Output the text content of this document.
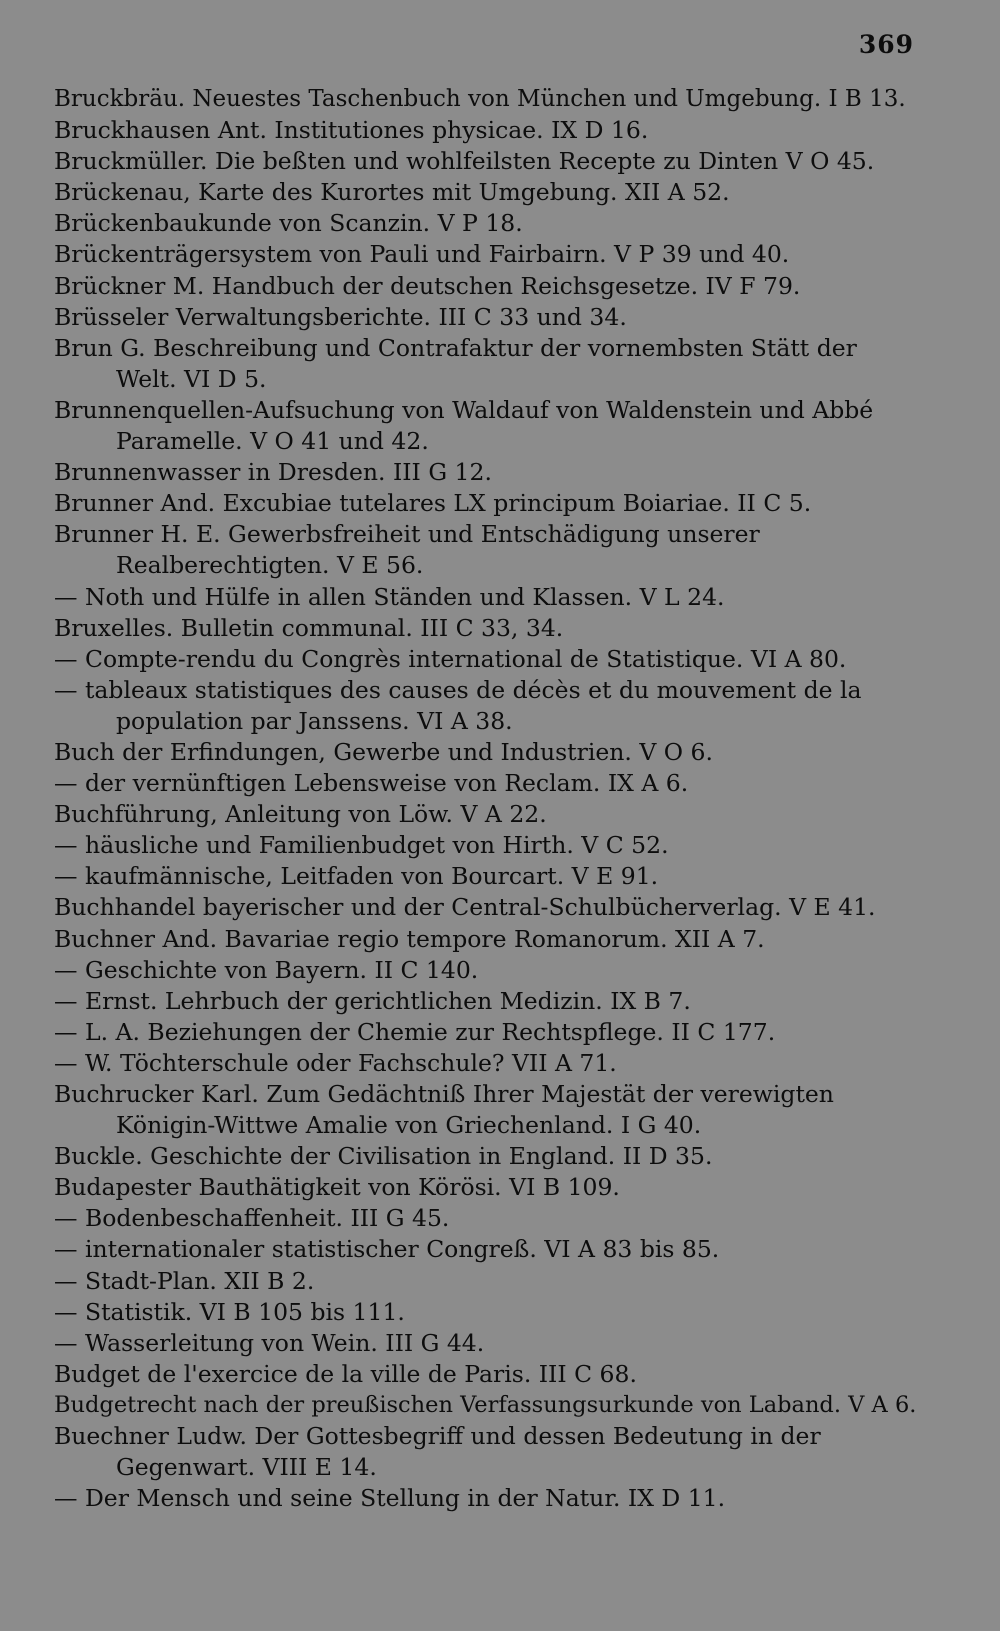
369
Bruckbräu. Neuestes Taschenbuch von München und Umgebung. I B 13.
Bruckhausen Ant. Institutiones physicae. IX D 16.
Bruckmüller. Die beßten und wohlfeilsten Recepte zu Dinten V O 45.
Brückenau, Karte des Kurortes mit Umgebung. XII A 52.
Brückenbaukunde von Scanzin. V P 18.
Brückenträgersystem von Pauli und Fairbairn. V P 39 und 40.
Brückner M. Handbuch der deutschen Reichsgesetze. IV F 79.
Brüsseler Verwaltungsberichte. III C 33 und 34.
Brun G. Beschreibung und Contrafaktur der vornembsten Stätt der Welt. VI D 5.
Brunnenquellen-Aufsuchung von Waldauf von Waldenstein und Abbé Paramelle. V O 41 und 42.
Brunnenwasser in Dresden. III G 12.
Brunner And. Excubiae tutelares LX principum Boiariae. II C 5.
Brunner H. E. Gewerbsfreiheit und Entschädigung unserer Realberechtigten. V E 56.
— Noth und Hülfe in allen Ständen und Klassen. V L 24.
Bruxelles. Bulletin communal. III C 33, 34.
— Compte-rendu du Congrès international de Statistique. VI A 80.
— tableaux statistiques des causes de décès et du mouvement de la population par Janssens. VI A 38.
Buch der Erfindungen, Gewerbe und Industrien. V O 6.
— der vernünftigen Lebensweise von Reclam. IX A 6.
Buchführung, Anleitung von Löw. V A 22.
— häusliche und Familienbudget von Hirth. V C 52.
— kaufmännische, Leitfaden von Bourcart. V E 91.
Buchhandel bayerischer und der Central-Schulbücherverlag. V E 41.
Buchner And. Bavariae regio tempore Romanorum. XII A 7.
— Geschichte von Bayern. II C 140.
— Ernst. Lehrbuch der gerichtlichen Medizin. IX B 7.
— L. A. Beziehungen der Chemie zur Rechtspflege. II C 177.
— W. Töchterschule oder Fachschule? VII A 71.
Buchrucker Karl. Zum Gedächtniß Ihrer Majestät der verewigten Königin-Wittwe Amalie von Griechenland. I G 40.
Buckle. Geschichte der Civilisation in England. II D 35.
Budapester Bauthätigkeit von Körösi. VI B 109.
— Bodenbeschaffenheit. III G 45.
— internationaler statistischer Congreß. VI A 83 bis 85.
— Stadt-Plan. XII B 2.
— Statistik. VI B 105 bis 111.
— Wasserleitung von Wein. III G 44.
Budget de l'exercice de la ville de Paris. III C 68.
Budgetrecht nach der preußischen Verfassungsurkunde von Laband. V A 6.
Buechner Ludw. Der Gottesbegriff und dessen Bedeutung in der Gegenwart. VIII E 14.
— Der Mensch und seine Stellung in der Natur. IX D 11.
